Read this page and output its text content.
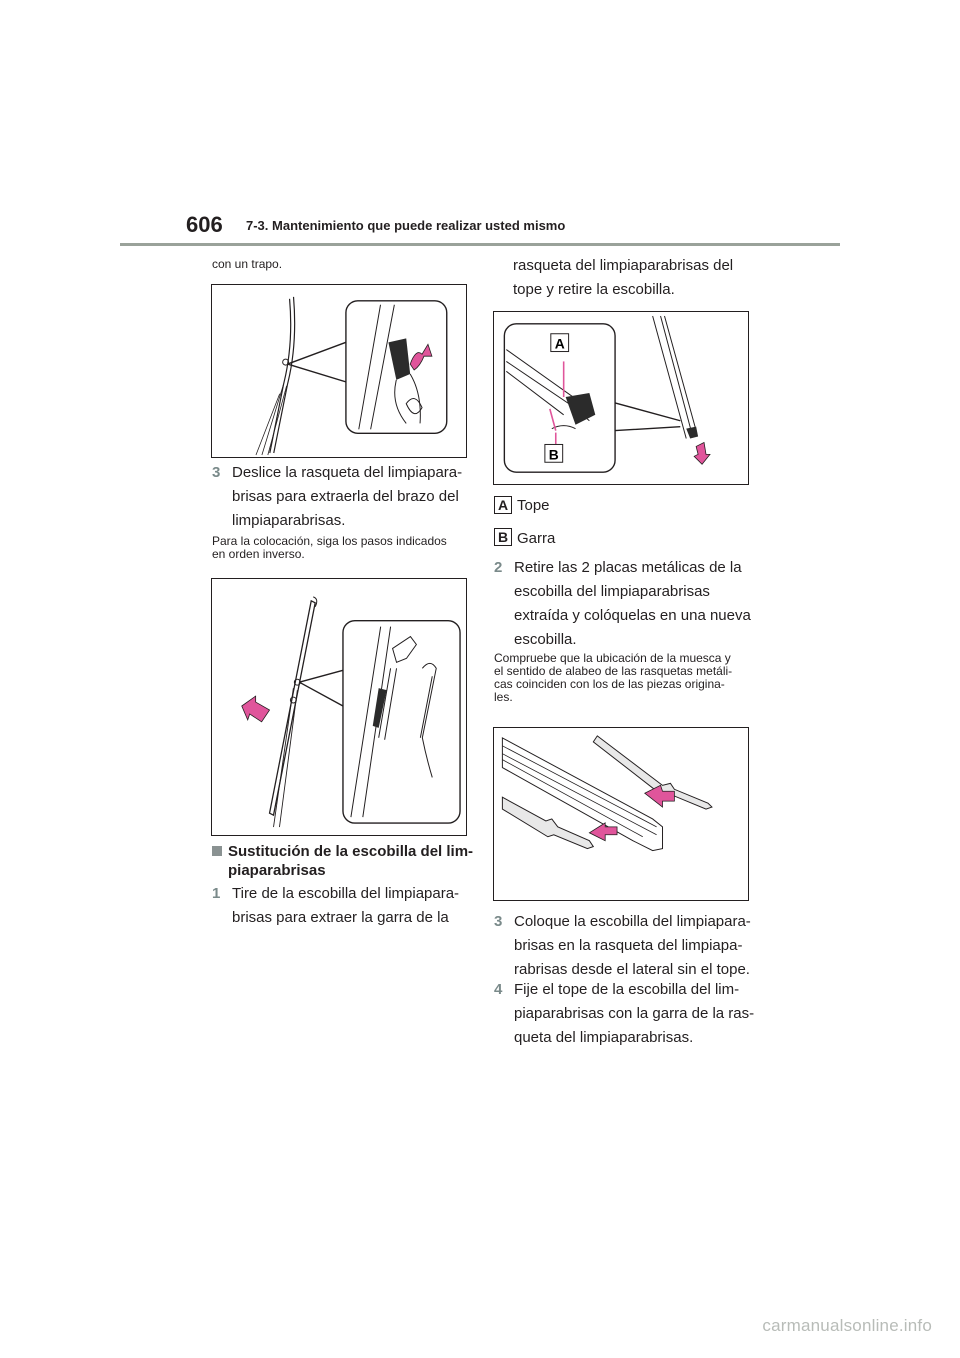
606 7-3. Mantenimiento que puede realizar usted mismo
con un trapo.
3 Deslice la rasqueta del limpiapara-
brisas para extraerla del brazo del
limpiaparabrisas.
Para la colocación, siga los pasos indicados
en orden inverso.
Sustitución de la escobilla del lim-
piaparabrisas
1 Tire de la escobilla del limpiapara-
brisas para extraer la garra de la
rasqueta del limpiaparabrisas del
tope y retire la escobilla.
A
B
A Tope
B Garra
2 Retire las 2 placas metálicas de la
escobilla del limpiaparabrisas
extraída y colóquelas en una nueva
escobilla.
Compruebe que la ubicación de la muesca y
el sentido de alabeo de las rasquetas metáli-
cas coinciden con los de las piezas origina-
les.
3 Coloque la escobilla del limpiapara-
brisas en la rasqueta del limpiapa-
rabrisas desde el lateral sin el tope.
4 Fije el tope de la escobilla del lim-
piaparabrisas con la garra de la ras-
queta del limpiaparabrisas.
carmanualsonline.info
